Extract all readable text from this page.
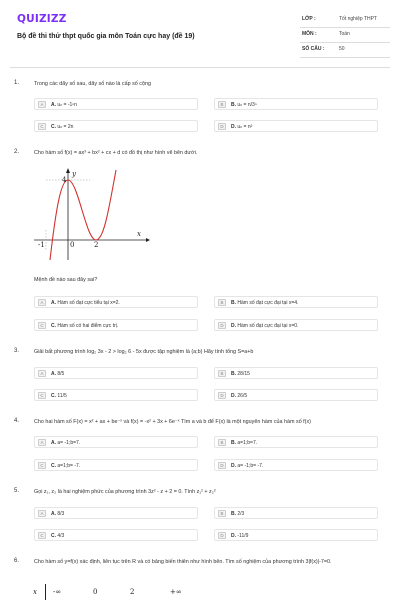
QUIZIZZ
Bộ đề thi thử thpt quốc gia môn Toán cực hay (đề 19)
LỚP :	Tốt nghiệp THPT
MÔN :	Toán
SỐ CÂU :	50
1.	Trong các dãy số sau, dãy số nào là cấp số cộng
A	A. uₙ = -1ⁿn	B	B. uₙ = n/3ⁿ
C	C. uₙ = 2n	D	D. uₙ = n²
2.	Cho hàm số f(x) = ax³ + bx² + cx + d có đồ thị như hình vẽ bên dưới.
y
x
4
-1	0	2
Mệnh đề nào sau đây sai?
A	A. Hàm số đạt cực tiểu tại x=2.	B	B. Hàm số đạt cực đại tại x=4.
C	C. Hàm số có hai điểm cực trị.	D	D. Hàm số đạt cực đại tại x=0.
3.	Giải bất phương trình log₂ 3x - 2 > log₂ 6 - 5x được tập nghiệm là (a;b) Hãy tính tổng S=a+b
A	A. 8/5	B	B. 28/15
C	C. 11/5	D	D. 26/5
4.	Cho hai hàm số F(x) = x² + ax + be⁻ˣ và f(x) = -x² + 3x + 6e⁻ˣ Tìm a và b để F(x) là một nguyên hàm của hàm số f(x)
A	A. a= -1;b=7.	B	B. a=1;b=7.
C	C. a=1;b= -7.	D	D. a= -1;b= -7.
5.	Gọi z₁, z₂ là hai nghiệm phức của phương trình 3z² - z + 2 = 0. Tính z₁² + z₂²
A	A. 8/3	B	B. 2/3
C	C. 4/3	D	D. -11/9
6.	Cho hàm số y=f(x) xác định, liên tục trên R và có bảng biến thiên như hình bên. Tìm số nghiệm của phương trình 3|f(x)|-7=0.
x -∞	0	2	+∞
